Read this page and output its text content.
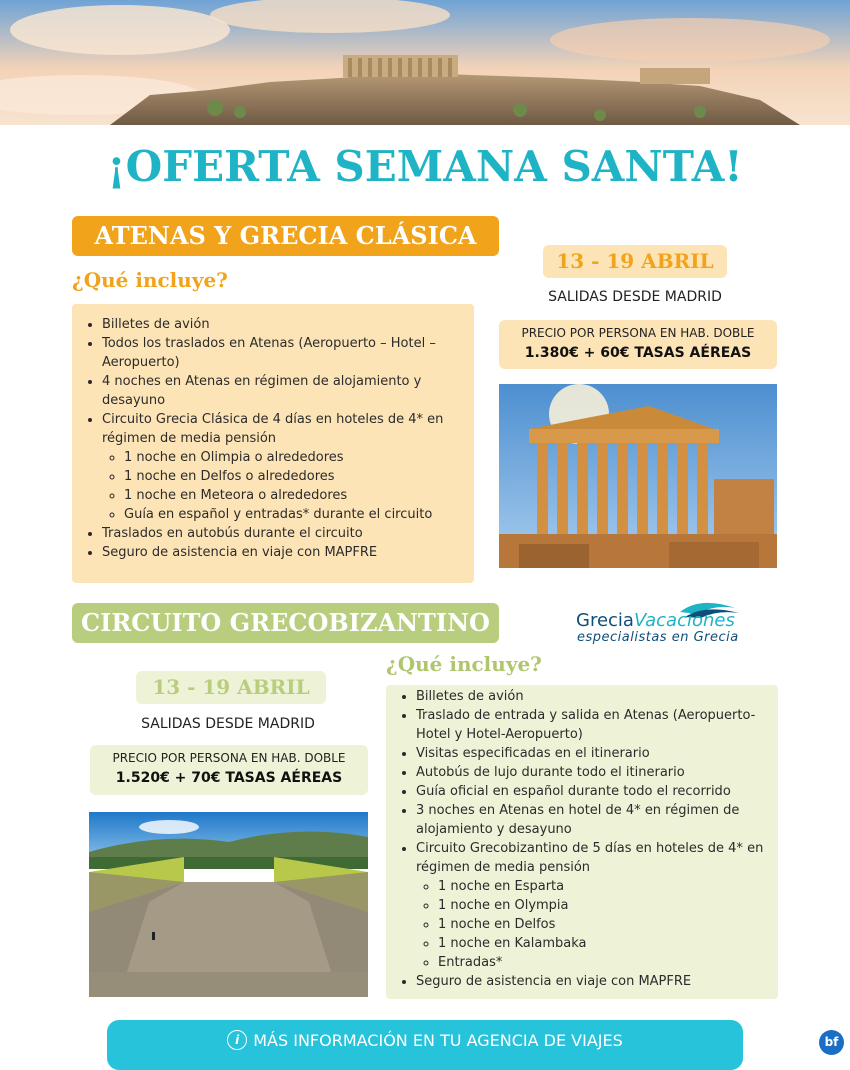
¡OFERTA SEMANA SANTA!
ATENAS Y GRECIA CLÁSICA
¿Qué incluye?
• Billetes de avión
• Todos los traslados en Atenas (Aeropuerto – Hotel – Aeropuerto)
• 4 noches en Atenas en régimen de alojamiento y desayuno
• Circuito Grecia Clásica de 4 días en hoteles de 4* en régimen de media pensión
◦ 1 noche en Olimpia o alrededores
◦ 1 noche en Delfos o alrededores
◦ 1 noche en Meteora o alrededores
◦ Guía en español y entradas* durante el circuito
• Traslados en autobús durante el circuito
• Seguro de asistencia en viaje con MAPFRE
13 - 19 ABRIL
SALIDAS DESDE MADRID
PRECIO POR PERSONA EN HAB. DOBLE
1.380€ + 60€ TASAS AÉREAS
CIRCUITO GRECOBIZANTINO	GreciaVacaciones
especialistas en Grecia
¿Qué incluye?
• Billetes de avión
• Traslado de entrada y salida en Atenas (Aeropuerto-Hotel y Hotel-Aeropuerto)
• Visitas especificadas en el itinerario
• Autobús de lujo durante todo el itinerario
• Guía oficial en español durante todo el recorrido
• 3 noches en Atenas en hotel de 4* en régimen de alojamiento y desayuno
• Circuito Grecobizantino de 5 días en hoteles de 4* en régimen de media pensión
◦ 1 noche en Esparta
◦ 1 noche en Olympia
◦ 1 noche en Delfos
◦ 1 noche en Kalambaka
◦ Entradas*
• Seguro de asistencia en viaje con MAPFRE
13 - 19 ABRIL
SALIDAS DESDE MADRID
PRECIO POR PERSONA EN HAB. DOBLE
1.520€ + 70€ TASAS AÉREAS
i MÁS INFORMACIÓN EN TU AGENCIA DE VIAJES	bf
